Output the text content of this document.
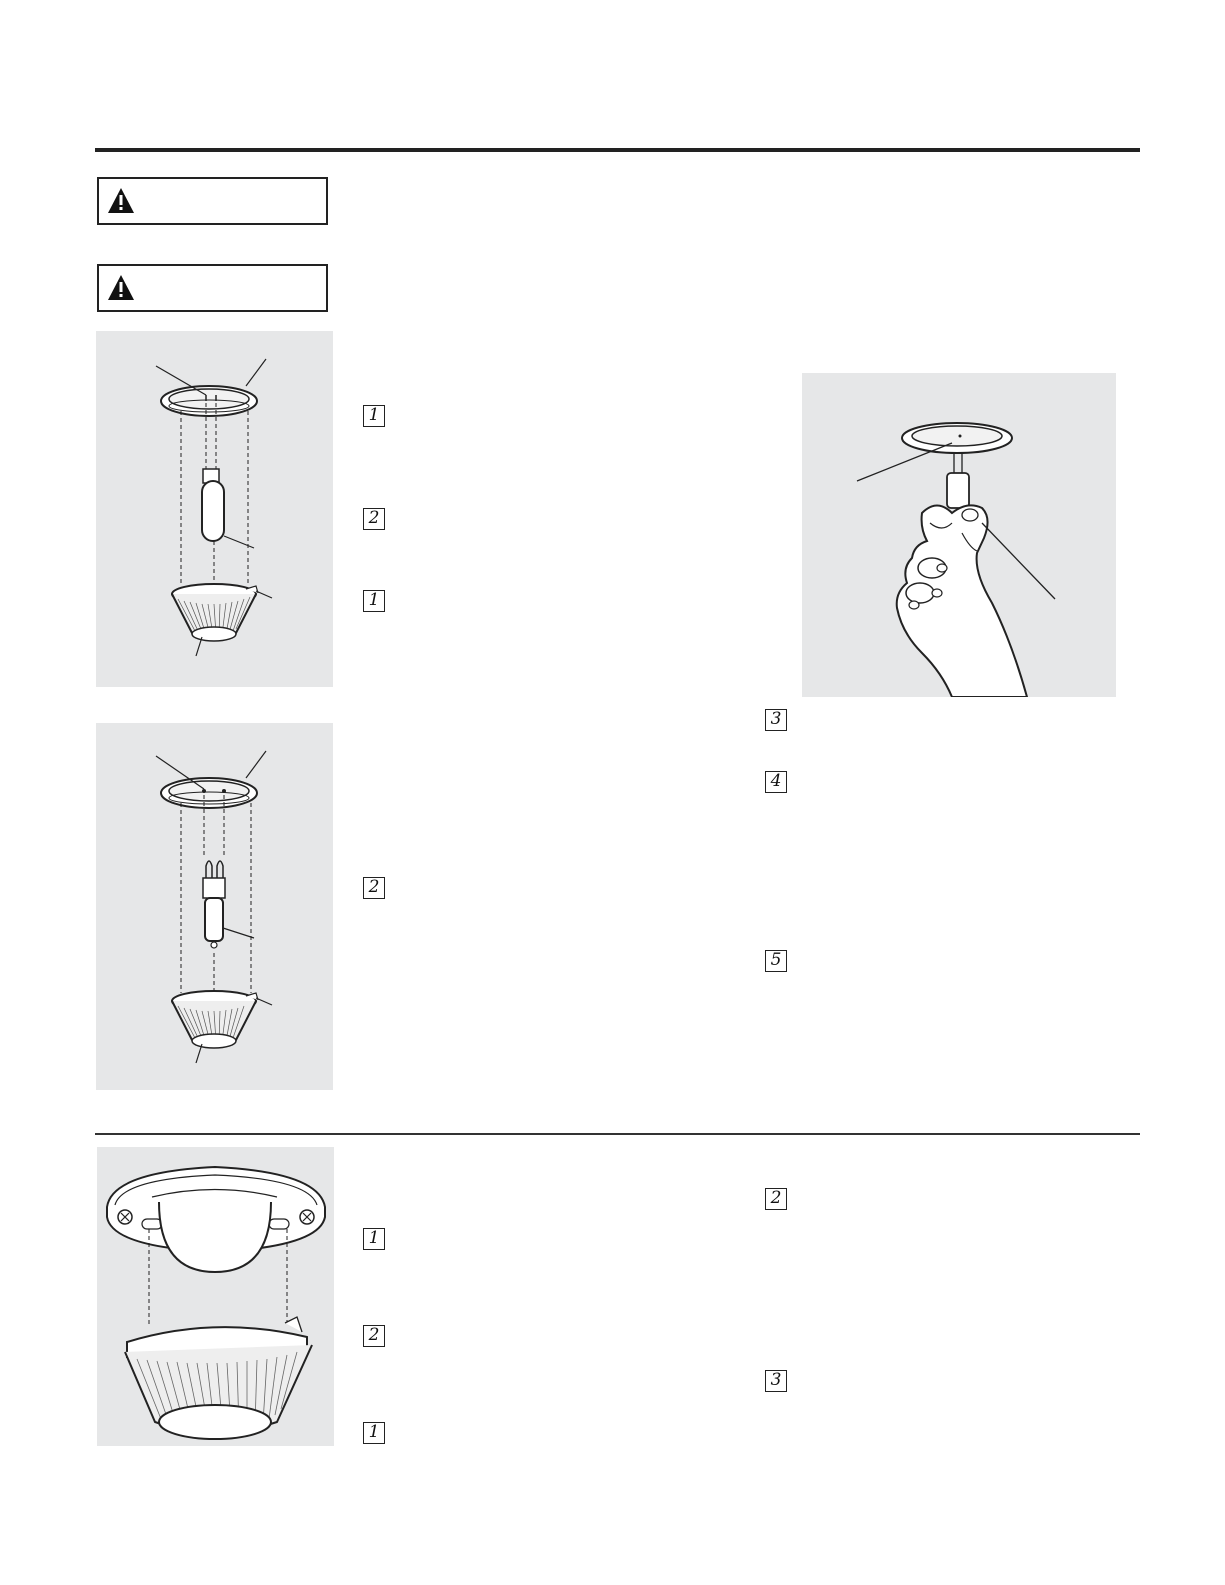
1
2
1
3
4
5
2
1
2
1
2
3
